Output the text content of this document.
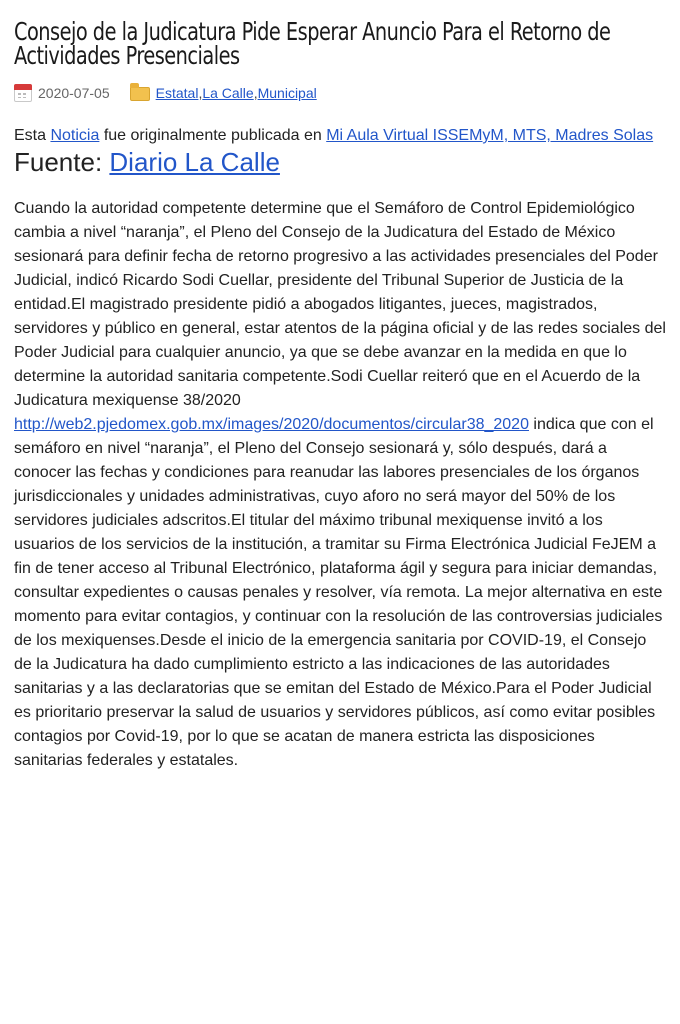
Consejo de la Judicatura Pide Esperar Anuncio Para el Retorno de Actividades Presenciales
2020-07-05	Estatal , La Calle , Municipal
Esta Noticia fue originalmente publicada en Mi Aula Virtual ISSEMyM, MTS, Madres Solas
Fuente: Diario La Calle
Cuando la autoridad competente determine que el Semáforo de Control Epidemiológico cambia a nivel “naranja”, el Pleno del Consejo de la Judicatura del Estado de México sesionará para definir fecha de retorno progresivo a las actividades presenciales del Poder Judicial, indicó Ricardo Sodi Cuellar, presidente del Tribunal Superior de Justicia de la entidad.El magistrado presidente pidió a abogados litigantes, jueces, magistrados, servidores y público en general, estar atentos de la página oficial y de las redes sociales del Poder Judicial para cualquier anuncio, ya que se debe avanzar en la medida en que lo determine la autoridad sanitaria competente.Sodi Cuellar reiteró que en el Acuerdo de la Judicatura mexiquense 38/2020 http://web2.pjedomex.gob.mx/images/2020/documentos/circular38_2020 indica que con el semáforo en nivel “naranja”, el Pleno del Consejo sesionará y, sólo después, dará a conocer las fechas y condiciones para reanudar las labores presenciales de los órganos jurisdiccionales y unidades administrativas, cuyo aforo no será mayor del 50% de los servidores judiciales adscritos.El titular del máximo tribunal mexiquense invitó a los usuarios de los servicios de la institución, a tramitar su Firma Electrónica Judicial FeJEM a fin de tener acceso al Tribunal Electrónico, plataforma ágil y segura para iniciar demandas, consultar expedientes o causas penales y resolver, vía remota. La mejor alternativa en este momento para evitar contagios, y continuar con la resolución de las controversias judiciales de los mexiquenses.Desde el inicio de la emergencia sanitaria por COVID-19, el Consejo de la Judicatura ha dado cumplimiento estricto a las indicaciones de las autoridades sanitarias y a las declaratorias que se emitan del Estado de México.Para el Poder Judicial es prioritario preservar la salud de usuarios y servidores públicos, así como evitar posibles contagios por Covid-19, por lo que se acatan de manera estricta las disposiciones sanitarias federales y estatales.
